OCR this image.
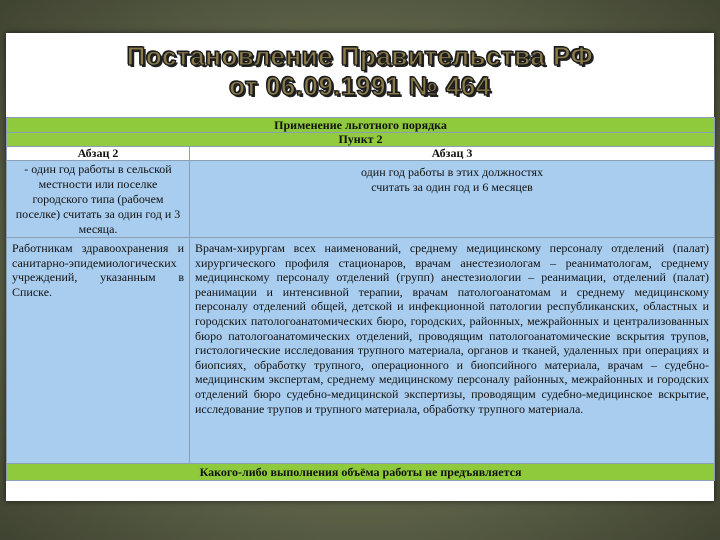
Постановление Правительства РФ
от 06.09.1991 № 464
Применение льготного порядка	
Пункт 2	
Абзац 2	Абзац 3
- один год работы в сельской местности или поселке городского типа (рабочем поселке) считать за один год и 3 месяца.	один год работы в этих должностях считать за один год и 6 месяцев

Работникам здравоохранения и санитарно-эпидемиологических учреждений, указанным в Списке.	Врачам-хирургам всех наименований, среднему медицинскому персоналу отделений (палат) хирургического профиля стационаров, врачам анестезиологам – реаниматологам, среднему медицинскому персоналу отделений (групп) анестезиологии – реанимации, отделений (палат) реанимации и интенсивной терапии, врачам патологоанатомам и среднему медицинскому персоналу отделений общей, детской и инфекционной патологии республиканских, областных и городских патологоанатомических бюро, городских, районных, межрайонных и централизованных бюро патологоанатомических отделений, проводящим патологоанатомические вскрытия трупов, гистологические исследования трупного материала, органов и тканей, удаленных при операциях и биопсиях, обработку трупного, операционного и биопсийного материала, врачам – судебно-медицинским экспертам, среднему медицинскому персоналу районных, межрайонных и городских отделений бюро судебно-медицинской экспертизы, проводящим судебно-медицинское вскрытие, исследование трупов и трупного материала, обработку трупного материала.
Какого-либо выполнения объёма работы не предъявляется	
